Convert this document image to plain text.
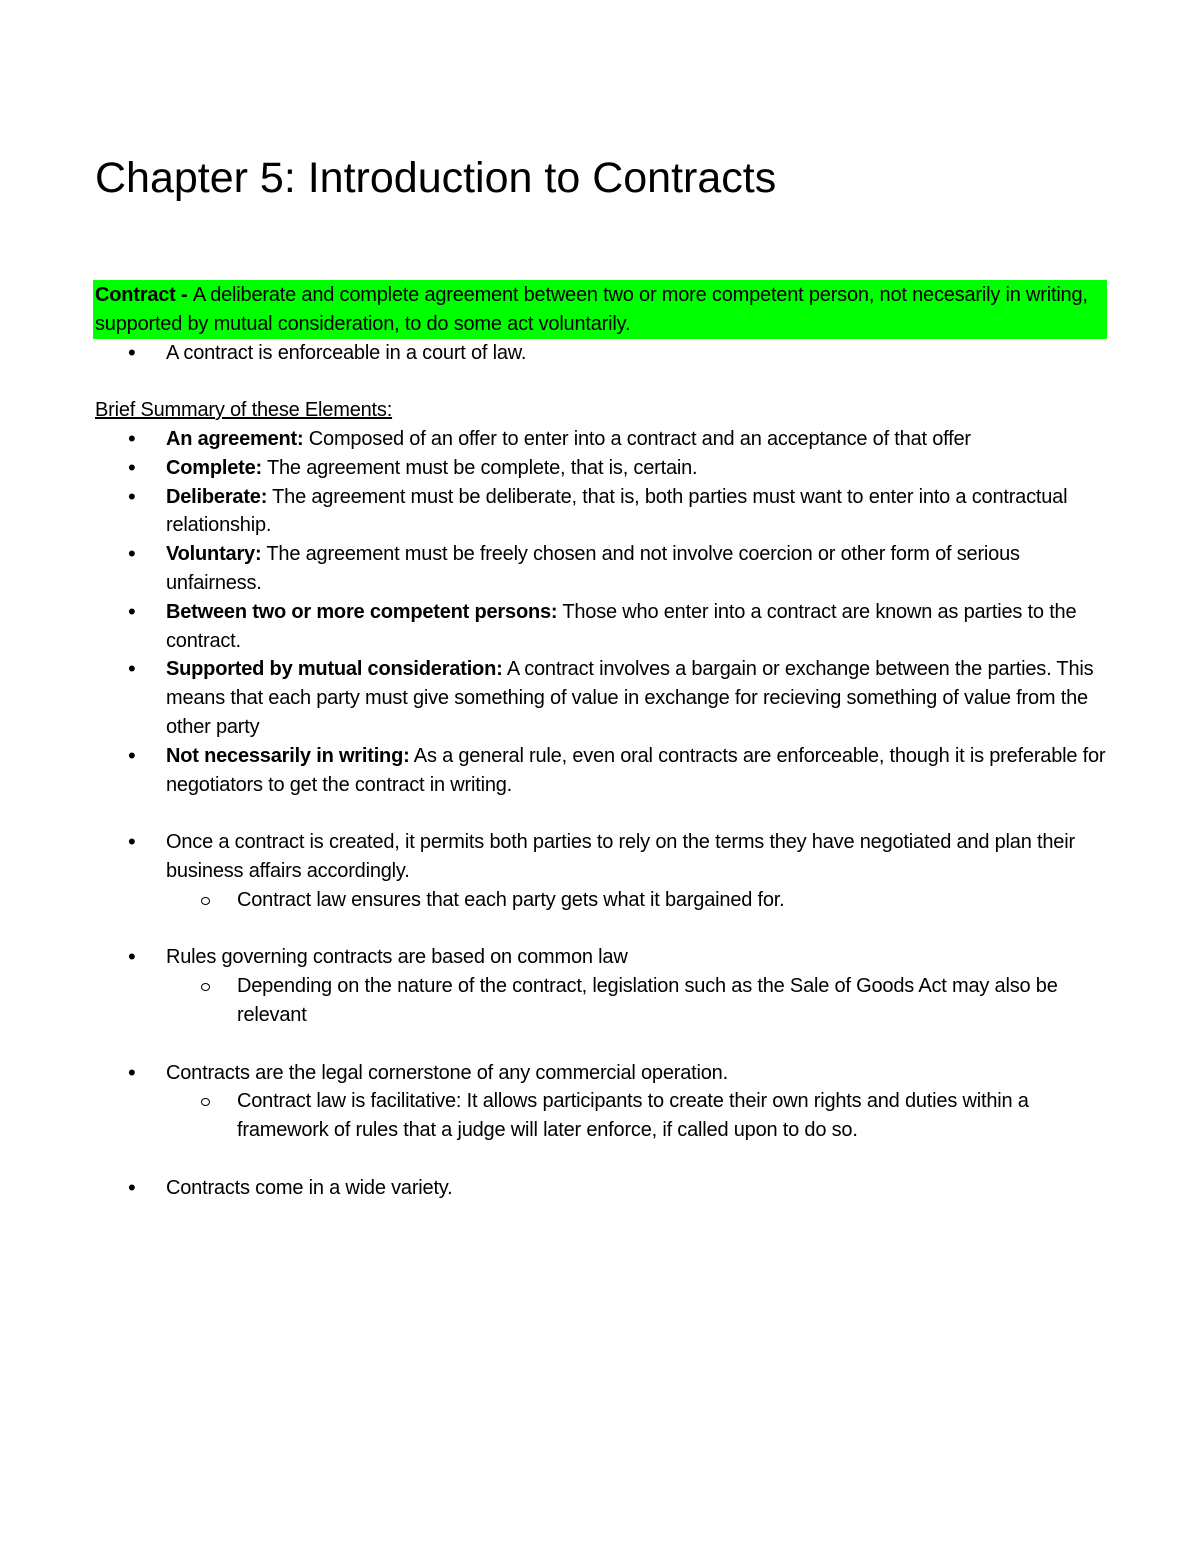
Chapter 5: Introduction to Contracts
Contract - A deliberate and complete agreement between two or more competent person, not necesarily in writing, supported by mutual consideration, to do some act voluntarily.
• A contract is enforceable in a court of law.
Brief Summary of these Elements:
• An agreement: Composed of an offer to enter into a contract and an acceptance of that offer
• Complete: The agreement must be complete, that is, certain.
• Deliberate: The agreement must be deliberate, that is, both parties must want to enter into a contractual relationship.
• Voluntary: The agreement must be freely chosen and not involve coercion or other form of serious unfairness.
• Between two or more competent persons: Those who enter into a contract are known as parties to the contract.
• Supported by mutual consideration: A contract involves a bargain or exchange between the parties. This means that each party must give something of value in exchange for recieving something of value from the other party
• Not necessarily in writing: As a general rule, even oral contracts are enforceable, though it is preferable for negotiators to get the contract in writing.
• Once a contract is created, it permits both parties to rely on the terms they have negotiated and plan their business affairs accordingly.
Contract law ensures that each party gets what it bargained for.
• Rules governing contracts are based on common law
Depending on the nature of the contract, legislation such as the Sale of Goods Act may also be relevant
• Contracts are the legal cornerstone of any commercial operation.
Contract law is facilitative: It allows participants to create their own rights and duties within a framework of rules that a judge will later enforce, if called upon to do so.
• Contracts come in a wide variety.
